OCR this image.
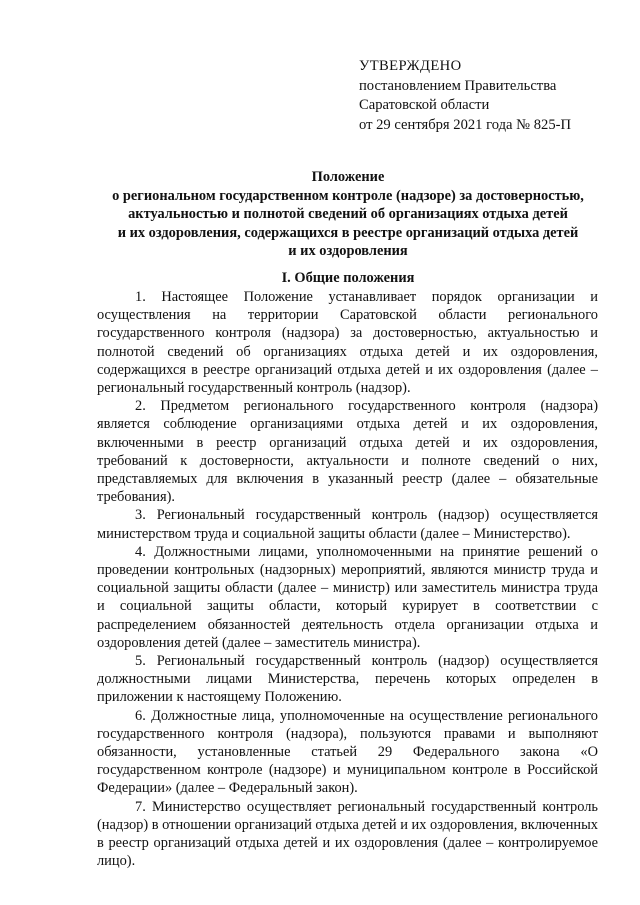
УТВЕРЖДЕНО
постановлением Правительства
Саратовской области
от 29 сентября 2021 года № 825-П
Положение
о региональном государственном контроле (надзоре) за достоверностью,
актуальностью и полнотой сведений об организациях отдыха детей
и их оздоровления, содержащихся в реестре организаций отдыха детей
и их оздоровления
I. Общие положения

1. Настоящее Положение устанавливает порядок организации и осуществления на территории Саратовской области регионального государственного контроля (надзора) за достоверностью, актуальностью и полнотой сведений об организациях отдыха детей и их оздоровления, содержащихся в реестре организаций отдыха детей и их оздоровления (далее – региональный государственный контроль (надзор).

2. Предметом регионального государственного контроля (надзора) является соблюдение организациями отдыха детей и их оздоровления, включенными в реестр организаций отдыха детей и их оздоровления, требований к достоверности, актуальности и полноте сведений о них, представляемых для включения в указанный реестр (далее – обязательные требования).

3. Региональный государственный контроль (надзор) осуществляется министерством труда и социальной защиты области (далее – Министерство).

4. Должностными лицами, уполномоченными на принятие решений о проведении контрольных (надзорных) мероприятий, являются министр труда и социальной защиты области (далее – министр) или заместитель министра труда и социальной защиты области, который курирует в соответствии с распределением обязанностей деятельность отдела организации отдыха и оздоровления детей (далее – заместитель министра).

5. Региональный государственный контроль (надзор) осуществляется должностными лицами Министерства, перечень которых определен в приложении к настоящему Положению.

6. Должностные лица, уполномоченные на осуществление регионального государственного контроля (надзора), пользуются правами и выполняют обязанности, установленные статьей 29 Федерального закона «О государственном контроле (надзоре) и муниципальном контроле в Российской Федерации» (далее – Федеральный закон).

7. Министерство осуществляет региональный государственный контроль (надзор) в отношении организаций отдыха детей и их оздоровления, включенных в реестр организаций отдыха детей и их оздоровления (далее – контролируемое лицо).
